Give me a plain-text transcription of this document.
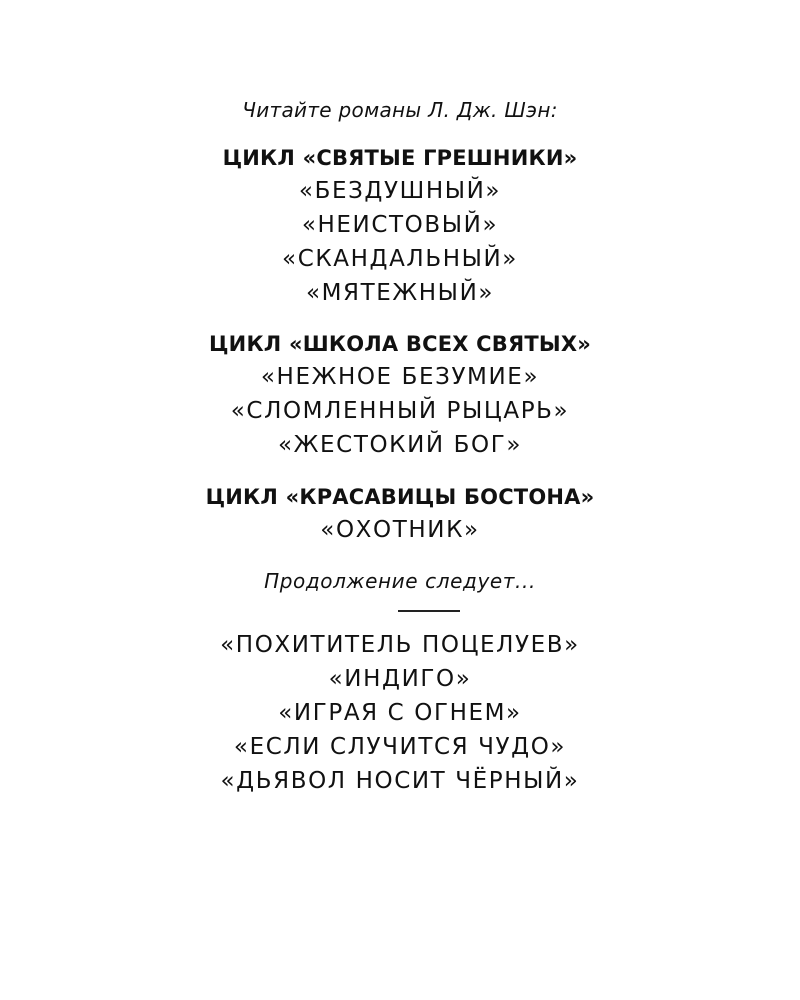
Читайте романы Л. Дж. Шэн:
ЦИКЛ «СВЯТЫЕ ГРЕШНИКИ»
«БЕЗДУШНЫЙ»
«НЕИСТОВЫЙ»
«СКАНДАЛЬНЫЙ»
«МЯТЕЖНЫЙ»
ЦИКЛ «ШКОЛА ВСЕХ СВЯТЫХ»
«НЕЖНОЕ БЕЗУМИЕ»
«СЛОМЛЕННЫЙ РЫЦАРЬ»
«ЖЕСТОКИЙ БОГ»
ЦИКЛ «КРАСАВИЦЫ БОСТОНА»
«ОХОТНИК»
Продолжение следует...
«ПОХИТИТЕЛЬ ПОЦЕЛУЕВ»
«ИНДИГО»
«ИГРАЯ С ОГНЕМ»
«ЕСЛИ СЛУЧИТСЯ ЧУДО»
«ДЬЯВОЛ НОСИТ ЧЁРНЫЙ»
